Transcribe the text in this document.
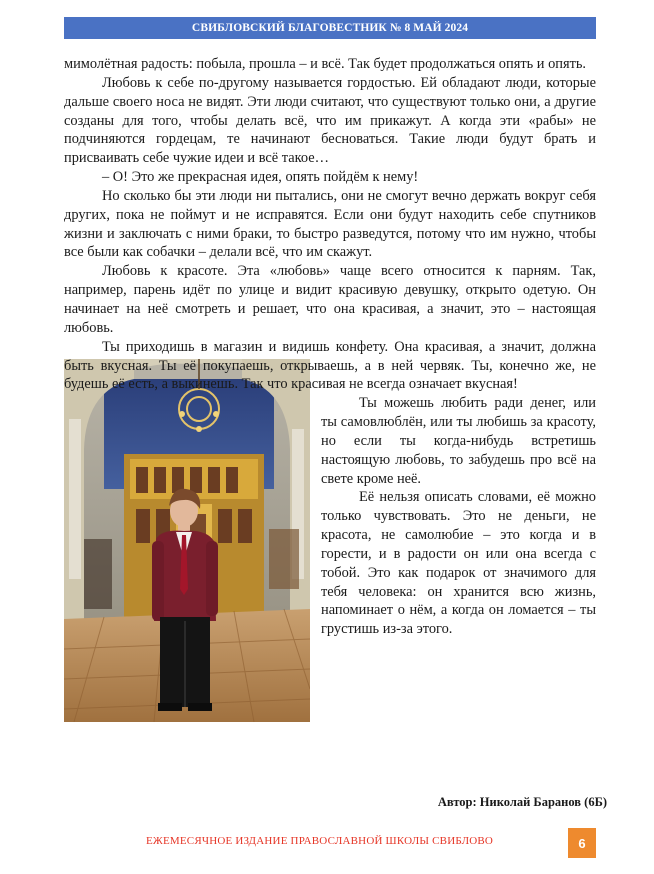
СВИБЛОВСКИЙ БЛАГОВЕСТНИК № 8 МАЙ 2024

мимолётная радость: побыла, прошла – и всё. Так будет продолжаться опять и опять.

Любовь к себе по-другому называется гордостью. Ей обладают люди, которые дальше своего носа не видят. Эти люди считают, что существуют только они, а другие созданы для того, чтобы делать всё, что им прикажут. А когда эти «рабы» не подчиняются гордецам, те начинают бесноваться. Такие люди будут брать и присваивать себе чужие идеи и всё такое…

– О! Это же прекрасная идея, опять пойдём к нему!

Но сколько бы эти люди ни пытались, они не смогут вечно держать вокруг себя других, пока не поймут и не исправятся. Если они будут находить себе спутников жизни и заключать с ними браки, то быстро разведутся, потому что им нужно, чтобы все были как собачки – делали всё, что им скажут.

Любовь к красоте. Эта «любовь» чаще всего относится к парням. Так, например, парень идёт по улице и видит красивую девушку, открыто одетую. Он начинает на неё смотреть и решает, что она красивая, а значит, это – настоящая любовь.

Ты приходишь в магазин и видишь конфету. Она красивая, а значит, должна быть вкусная. Ты её покупаешь, открываешь, а в ней червяк. Ты, конечно же, не будешь её есть, а выкинешь. Так что красивая не всегда означает вкусная!

Ты можешь любить ради денег, или ты самовлюблён, или ты любишь за красоту, но если ты когда-нибудь встретишь настоящую любовь, то забудешь про всё на свете кроме неё.

Её нельзя описать словами, её можно только чувствовать. Это не деньги, не красота, не самолюбие – это когда и в горести, и в радости он или она всегда с тобой. Это как подарок от значимого для тебя человека: он хранится всю жизнь, напоминает о нём, а когда он ломается – ты грустишь из-за этого.

Автор: Николай Баранов (6Б)
ЕЖЕМЕСЯЧНОЕ ИЗДАНИЕ ПРАВОСЛАВНОЙ ШКОЛЫ СВИБЛОВО	6
